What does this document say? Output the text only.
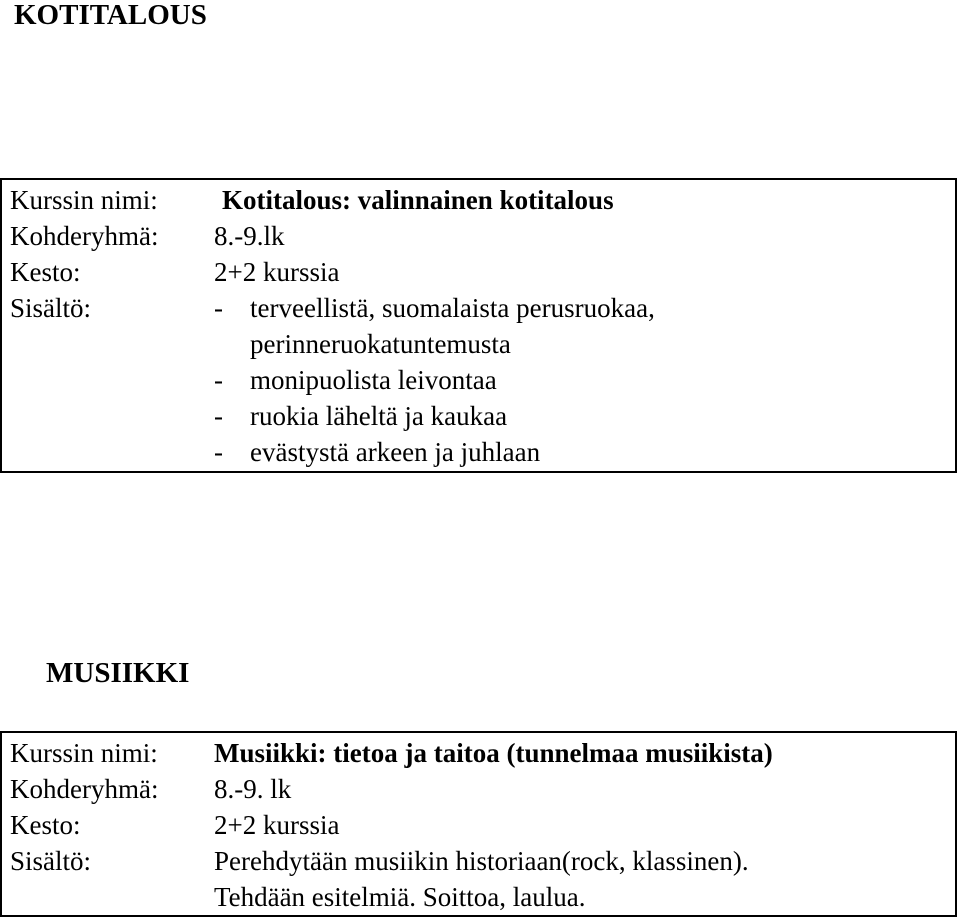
KOTITALOUS
Kurssin nimi: Kotitalous: valinnainen kotitalous
Kohderyhmä: 8.-9.lk
Kesto:	2+2 kurssia
Sisältö:	- terveellistä, suomalaista perusruokaa,
perinneruokatuntemusta
- monipuolista leivontaa
- ruokia läheltä ja kaukaa
- evästystä arkeen ja juhlaan
MUSIIKKI
Kurssin nimi: Musiikki: tietoa ja taitoa (tunnelmaa musiikista)
Kohderyhmä: 8.-9. lk
Kesto:	2+2 kurssia
Sisältö:	Perehdytään musiikin historiaan(rock, klassinen).
Tehdään esitelmiä. Soittoa, laulua.
